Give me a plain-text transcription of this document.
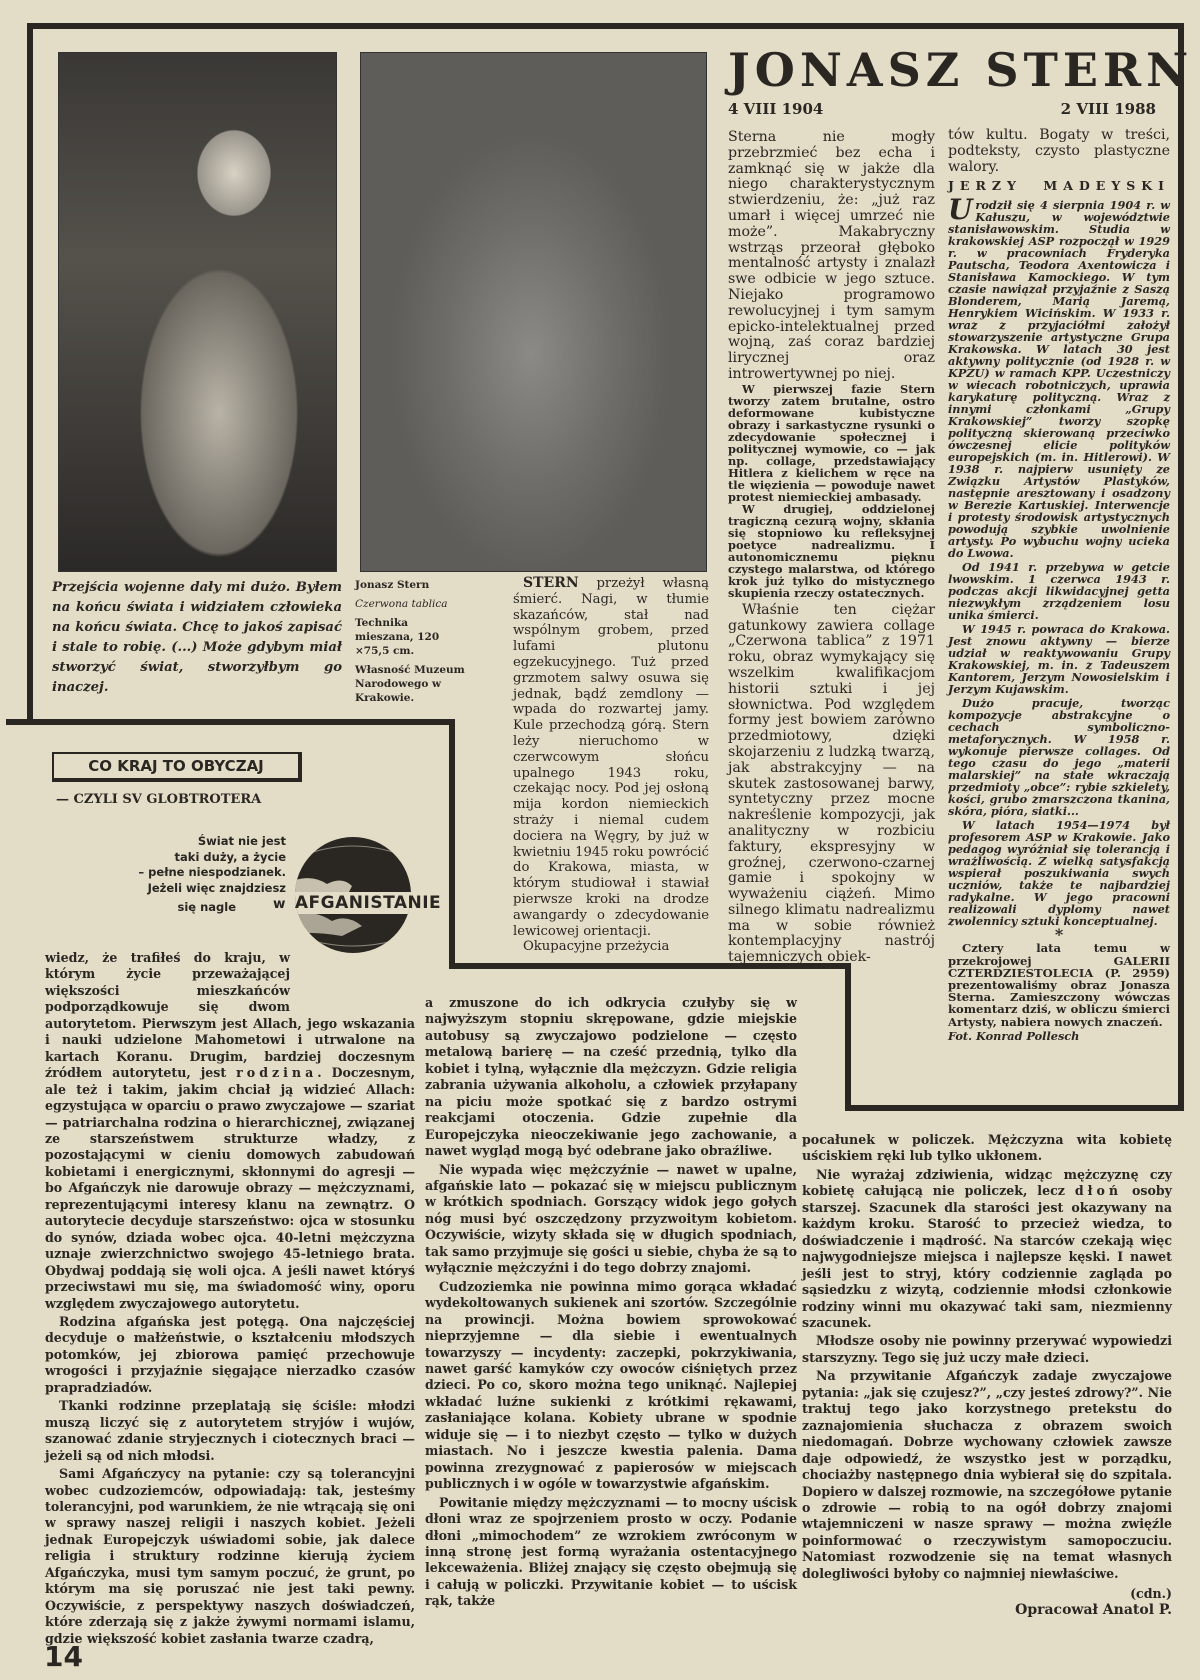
JONASZ STERN
4 VIII 1904	2 VIII 1988
Przejścia wojenne dały mi dużo. Byłem na końcu świata i widziałem człowieka na końcu świata. Chcę to jakoś zapisać i stale to robię. (...) Może gdybym miał stworzyć świat, stworzyłbym go inaczej.
Jonasz Stern
Czerwona tablica
Technika mieszana, 120 ×75,5 cm.
Własność Muzeum Narodowego w Krakowie.

STERN przeżył własną śmierć. Nagi, w tłumie skazańców, stał nad wspólnym grobem, przed lufami plutonu egzekucyjnego. Tuż przed grzmotem salwy osuwa się jednak, bądź zemdlony — wpada do rozwartej jamy. Kule przechodzą górą. Stern leży nieruchomo w czerwcowym słońcu upalnego 1943 roku, czekając nocy. Pod jej osłoną mija kordon niemieckich straży i niemal cudem dociera na Węgry, by już w kwietniu 1945 roku powrócić do Krakowa, miasta, w którym studiował i stawiał pierwsze kroki na drodze awangardy o zdecydowanie lewicowej orientacji.

Okupacyjne przeżycia

Sterna nie mogły przebrzmieć bez echa i zamknąć się w jakże dla niego charakterystycznym stwierdzeniu, że: „już raz umarł i więcej umrzeć nie może”. Makabryczny wstrząs przeorał głęboko mentalność artysty i znalazł swe odbicie w jego sztuce. Niejako programowo rewolucyjnej i tym samym epicko-intelektualnej przed wojną, zaś coraz bardziej lirycznej oraz introwertywnej po niej.

W pierwszej fazie Stern tworzy zatem brutalne, ostro deformowane kubistyczne obrazy i sarkastyczne rysunki o zdecydowanie społecznej i politycznej wymowie, co — jak np. collage, przedstawiający Hitlera z kielichem w ręce na tle więzienia — powoduje nawet protest niemieckiej ambasady.

W drugiej, oddzielonej tragiczną cezurą wojny, skłania się stopniowo ku refleksyjnej poetyce nadrealizmu. I autonomicznemu pięknu czystego malarstwa, od którego krok już tylko do mistycznego skupienia rzeczy ostatecznych.

Właśnie ten ciężar gatunkowy zawiera collage „Czerwona tablica” z 1971 roku, obraz wymykający się wszelkim kwalifikacjom historii sztuki i jej słownictwa. Pod względem formy jest bowiem zarówno przedmiotowy, dzięki skojarzeniu z ludzką twarzą, jak abstrakcyjny — na skutek zastosowanej barwy, syntetyczny przez mocne nakreślenie kompozycji, jak analityczny w rozbiciu faktury, ekspresyjny w groźnej, czerwono-czarnej gamie i spokojny w wyważeniu ciążeń. Mimo silnego klimatu nadrealizmu ma w sobie również kontemplacyjny nastrój tajemniczych obiek-

tów kultu. Bogaty w treści, podteksty, czysto plastyczne walory.

JERZY MADEYSKI

Urodził się 4 sierpnia 1904 r. w Kałuszu, w województwie stanisławowskim. Studia w krakowskiej ASP rozpoczął w 1929 r. w pracowniach Fryderyka Pautscha, Teodora Axentowicza i Stanisława Kamockiego. W tym czasie nawiązał przyjaźnie z Saszą Blonderem, Marią Jaremą, Henrykiem Wicińskim. W 1933 r. wraz z przyjaciółmi założył stowarzyszenie artystyczne Grupa Krakowska. W latach 30 jest aktywny politycznie (od 1928 r. w KPZU) w ramach KPP. Uczestniczy w wiecach robotniczych, uprawia karykaturę polityczną. Wraz z innymi członkami „Grupy Krakowskiej” tworzy szopkę polityczną skierowaną przeciwko ówczesnej elicie polityków europejskich (m. in. Hitlerowi). W 1938 r. najpierw usunięty ze Związku Artystów Plastyków, następnie aresztowany i osadzony w Berezie Kartuskiej. Interwencje i protesty środowisk artystycznych powodują szybkie uwolnienie artysty. Po wybuchu wojny ucieka do Lwowa.

Od 1941 r. przebywa w getcie lwowskim. 1 czerwca 1943 r. podczas akcji likwidacyjnej getta niezwykłym zrządzeniem losu unika śmierci.

W 1945 r. powraca do Krakowa. Jest znowu aktywny — bierze udział w reaktywowaniu Grupy Krakowskiej, m. in. z Tadeuszem Kantorem, Jerzym Nowosielskim i Jerzym Kujawskim.

Dużo pracuje, tworząc kompozycje abstrakcyjne o cechach symboliczno-metaforycznych. W 1958 r. wykonuje pierwsze collages. Od tego czasu do jego „materii malarskiej” na stałe wkraczają przedmioty „obce”: rybie szkielety, kości, grubo zmarszczona tkanina, skóra, pióra, siatki...

W latach 1954—1974 był profesorem ASP w Krakowie. Jako pedagog wyróżniał się tolerancją i wrażliwością. Z wielką satysfakcją wspierał poszukiwania swych uczniów, także te najbardziej radykalne. W jego pracowni realizowali dyplomy nawet zwolennicy sztuki konceptualnej.

*

Cztery lata temu w przekrojowej GALERII CZTERDZIESTOLECIA (P. 2959) prezentowaliśmy obraz Jonasza Sterna. Zamieszczony wówczas komentarz dziś, w obliczu śmierci Artysty, nabiera nowych znaczeń.

Fot. Konrad Pollesch
CO KRAJ TO OBYCZAJ
— CZYLI SV GLOBTROTERA
Świat nie jest
taki duży, a życie
– pełne niespodzianek.
Jeżeli więc znajdziesz
się nagle	w AFGANISTANIE

wiedz, że trafiłeś do kraju, w którym życie przeważającej większości mieszkańców podporządkowuje się dwom autorytetom. Pierwszym jest Allach, jego wskazania i nauki udzielone Mahometowi i utrwalone na kartach Koranu. Drugim, bardziej doczesnym źródłem autorytetu, jest rodzina. Doczesnym, ale też i takim, jakim chciał ją widzieć Allach: egzystująca w oparciu o prawo zwyczajowe — szariat — patriarchalna rodzina o hierarchicznej, związanej ze starszeństwem strukturze władzy, z pozostającymi w cieniu domowych zabudowań kobietami i energicznymi, skłonnymi do agresji — bo Afgańczyk nie darowuje obrazy — mężczyznami, reprezentującymi interesy klanu na zewnątrz. O autorytecie decyduje starszeństwo: ojca w stosunku do synów, dziada wobec ojca. 40-letni mężczyzna uznaje zwierzchnictwo swojego 45-letniego brata. Obydwaj poddają się woli ojca. A jeśli nawet któryś przeciwstawi mu się, ma świadomość winy, oporu względem zwyczajowego autorytetu.

Rodzina afgańska jest potęgą. Ona najczęściej decyduje o małżeństwie, o kształceniu młodszych potomków, jej zbiorowa pamięć przechowuje wrogości i przyjaźnie sięgające nierzadko czasów prapradziadów.

Tkanki rodzinne przeplatają się ściśle: młodzi muszą liczyć się z autorytetem stryjów i wujów, szanować zdanie stryjecznych i ciotecznych braci — jeżeli są od nich młodsi.

Sami Afgańczycy na pytanie: czy są tolerancyjni wobec cudzoziemców, odpowiadają: tak, jesteśmy tolerancyjni, pod warunkiem, że nie wtrącają się oni w sprawy naszej religii i naszych kobiet. Jeżeli jednak Europejczyk uświadomi sobie, jak dalece religia i struktury rodzinne kierują życiem Afgańczyka, musi tym samym poczuć, że grunt, po którym ma się poruszać nie jest taki pewny. Oczywiście, z perspektywy naszych doświadczeń, które zderzają się z jakże żywymi normami islamu, gdzie większość kobiet zasłania twarze czadrą,

a zmuszone do ich odkrycia czułyby się w najwyższym stopniu skrępowane, gdzie miejskie autobusy są zwyczajowo podzielone — często metalową barierę — na cześć przednią, tylko dla kobiet i tylną, wyłącznie dla mężczyzn. Gdzie religia zabrania używania alkoholu, a człowiek przyłapany na piciu może spotkać się z bardzo ostrymi reakcjami otoczenia. Gdzie zupełnie dla Europejczyka nieoczekiwanie jego zachowanie, a nawet wygląd mogą być odebrane jako obraźliwe.

Nie wypada więc mężczyźnie — nawet w upalne, afgańskie lato — pokazać się w miejscu publicznym w krótkich spodniach. Gorszący widok jego gołych nóg musi być oszczędzony przyzwoitym kobietom. Oczywiście, wizyty składa się w długich spodniach, tak samo przyjmuje się gości u siebie, chyba że są to wyłącznie mężczyźni i do tego dobrzy znajomi.

Cudzoziemka nie powinna mimo gorąca wkładać wydekoltowanych sukienek ani szortów. Szczególnie na prowincji. Można bowiem sprowokować nieprzyjemne — dla siebie i ewentualnych towarzyszy — incydenty: zaczepki, pokrzykiwania, nawet garść kamyków czy owoców ciśniętych przez dzieci. Po co, skoro można tego uniknąć. Najlepiej wkładać luźne sukienki z krótkimi rękawami, zasłaniające kolana. Kobiety ubrane w spodnie widuje się — i to niezbyt często — tylko w dużych miastach. No i jeszcze kwestia palenia. Dama powinna zrezygnować z papierosów w miejscach publicznych i w ogóle w towarzystwie afgańskim.

Powitanie między mężczyznami — to mocny uścisk dłoni wraz ze spojrzeniem prosto w oczy. Podanie dłoni „mimochodem” ze wzrokiem zwróconym w inną stronę jest formą wyrażania ostentacyjnego lekceważenia. Bliżej znający się często obejmują się i całują w policzki. Przywitanie kobiet — to uścisk rąk, także

pocałunek w policzek. Mężczyzna wita kobietę uściskiem ręki lub tylko ukłonem.

Nie wyrażaj zdziwienia, widząc mężczyznę czy kobietę całującą nie policzek, lecz dłoń osoby starszej. Szacunek dla starości jest okazywany na każdym kroku. Starość to przecież wiedza, to doświadczenie i mądrość. Na starców czekają więc najwygodniejsze miejsca i najlepsze kęski. I nawet jeśli jest to stryj, który codziennie zagląda po sąsiedzku z wizytą, codziennie młodsi członkowie rodziny winni mu okazywać taki sam, niezmienny szacunek.

Młodsze osoby nie powinny przerywać wypowiedzi starszyzny. Tego się już uczy małe dzieci.

Na przywitanie Afgańczyk zadaje zwyczajowe pytania: „jak się czujesz?”, „czy jesteś zdrowy?”. Nie traktuj tego jako korzystnego pretekstu do zaznajomienia słuchacza z obrazem swoich niedomagań. Dobrze wychowany człowiek zawsze daje odpowiedź, że wszystko jest w porządku, chociażby następnego dnia wybierał się do szpitala. Dopiero w dalszej rozmowie, na szczegółowe pytanie o zdrowie — robią to na ogół dobrzy znajomi wtajemniczeni w nasze sprawy — można zwięźle poinformować o rzeczywistym samopoczuciu. Natomiast rozwodzenie się na temat własnych dolegliwości byłoby co najmniej niewłaściwe.

(cdn.)
Opracował Anatol P.
14
